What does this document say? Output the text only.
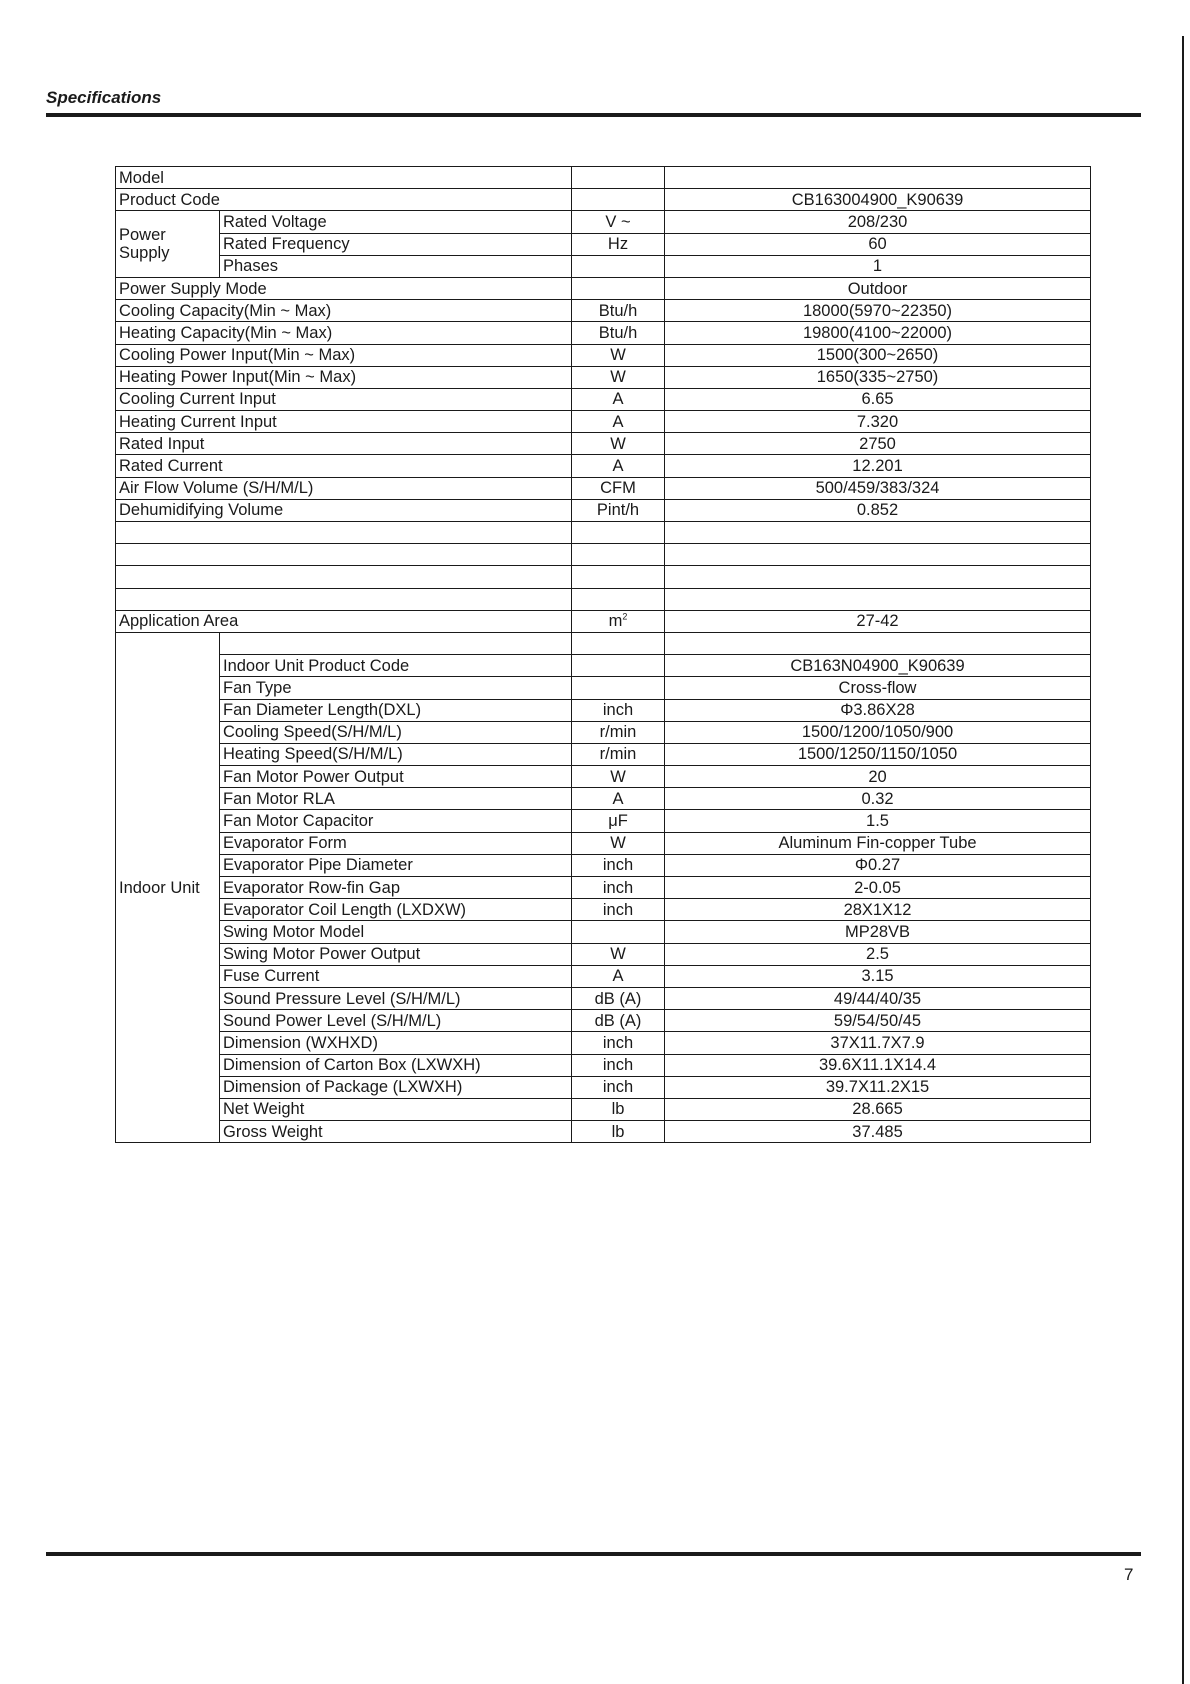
Specifications
Model			
Product Code			CB163004900_K90639
Power Supply	Rated Voltage	V ~	208/230
	Rated Frequency	Hz	60
	Phases		1
Power Supply Mode			Outdoor
Cooling Capacity(Min ~ Max)		Btu/h	18000(5970~22350)
Heating Capacity(Min ~ Max)		Btu/h	19800(4100~22000)
Cooling Power Input(Min ~ Max)		W	1500(300~2650)
Heating Power Input(Min ~ Max)		W	1650(335~2750)
Cooling Current Input		A	6.65
Heating Current Input		A	7.320
Rated Input		W	2750
Rated Current		A	12.201
Air Flow Volume (S/H/M/L)		CFM	500/459/383/324
Dehumidifying Volume		Pint/h	0.852

Application Area		$m^2$	27-42
Indoor Unit			
	Indoor Unit Product Code		CB163N04900_K90639
	Fan Type		Cross-flow
	Fan Diameter Length(DXL)	inch	Φ3.86X28
	Cooling Speed(S/H/M/L)	r/min	1500/1200/1050/900
	Heating Speed(S/H/M/L)	r/min	1500/1250/1150/1050
	Fan Motor Power Output	W	20
	Fan Motor RLA	A	0.32
	Fan Motor Capacitor	μF	1.5
	Evaporator Form	W	Aluminum Fin-copper Tube
	Evaporator Pipe Diameter	inch	Φ0.27
	Evaporator Row-fin Gap	inch	2-0.05
	Evaporator Coil Length (LXDXW)	inch	28X1X12
	Swing Motor Model		MP28VB
	Swing Motor Power Output	W	2.5
	Fuse Current	A	3.15
	Sound Pressure Level (S/H/M/L)	dB (A)	49/44/40/35
	Sound Power Level (S/H/M/L)	dB (A)	59/54/50/45
	Dimension (WXHXD)	inch	37X11.7X7.9
	Dimension of Carton Box (LXWXH)	inch	39.6X11.1X14.4
	Dimension of Package (LXWXH)	inch	39.7X11.2X15
	Net Weight	lb	28.665
	Gross Weight	lb	37.485
7
